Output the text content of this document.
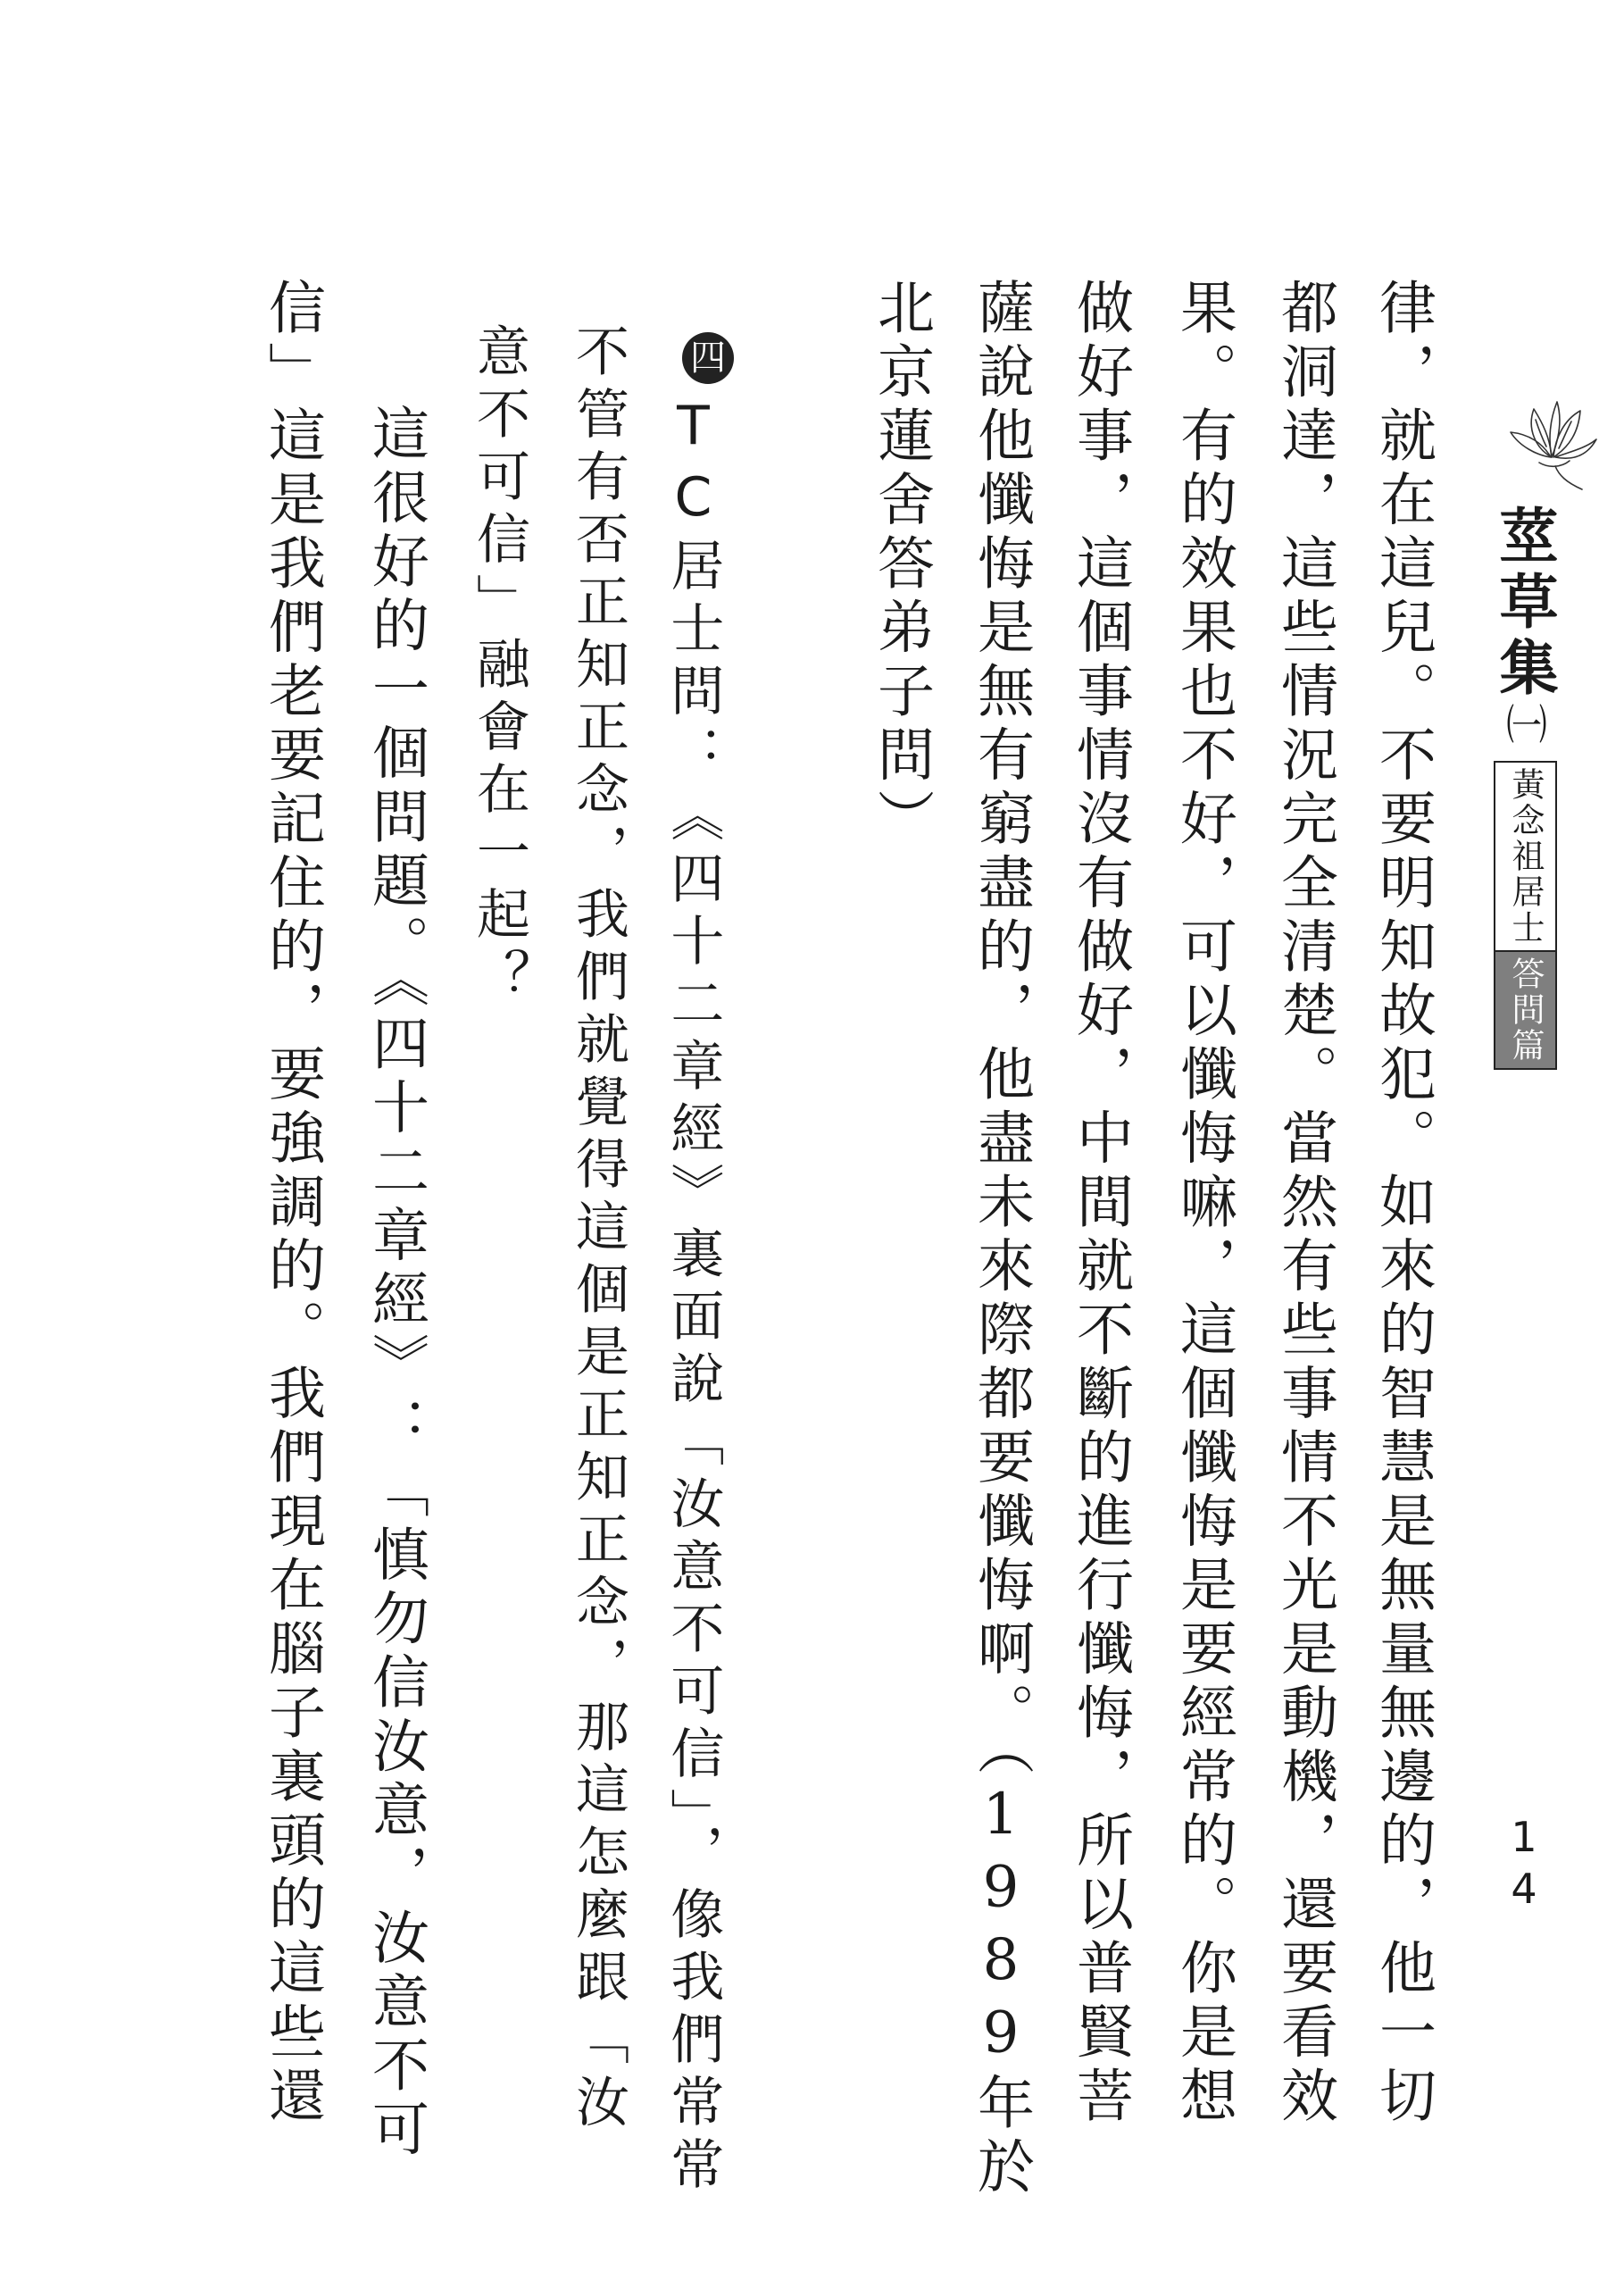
莖草集㈠
黃念祖居士
答問篇
14
律，就在這兒。不要明知故犯。如來的智慧是無量無邊的，他一切
都洞達，這些情況完全清楚。當然有些事情不光是動機，還要看效
果。有的效果也不好，可以懺悔嘛，這個懺悔是要經常的。你是想
做好事，這個事情沒有做好，中間就不斷的進行懺悔，所以普賢菩
薩說他懺悔是無有窮盡的，他盡未來際都要懺悔啊。（1989年於
北京蓮舍答弟子問）
四TC居士問：《四十二章經》裏面說「汝意不可信」，像我們常常
不管有否正知正念，我們就覺得這個是正知正念，那這怎麼跟「汝
意不可信」融會在一起？
這很好的一個問題。《四十二章經》：「慎勿信汝意，汝意不可
信」這是我們老要記住的，要強調的。我們現在腦子裏頭的這些還
